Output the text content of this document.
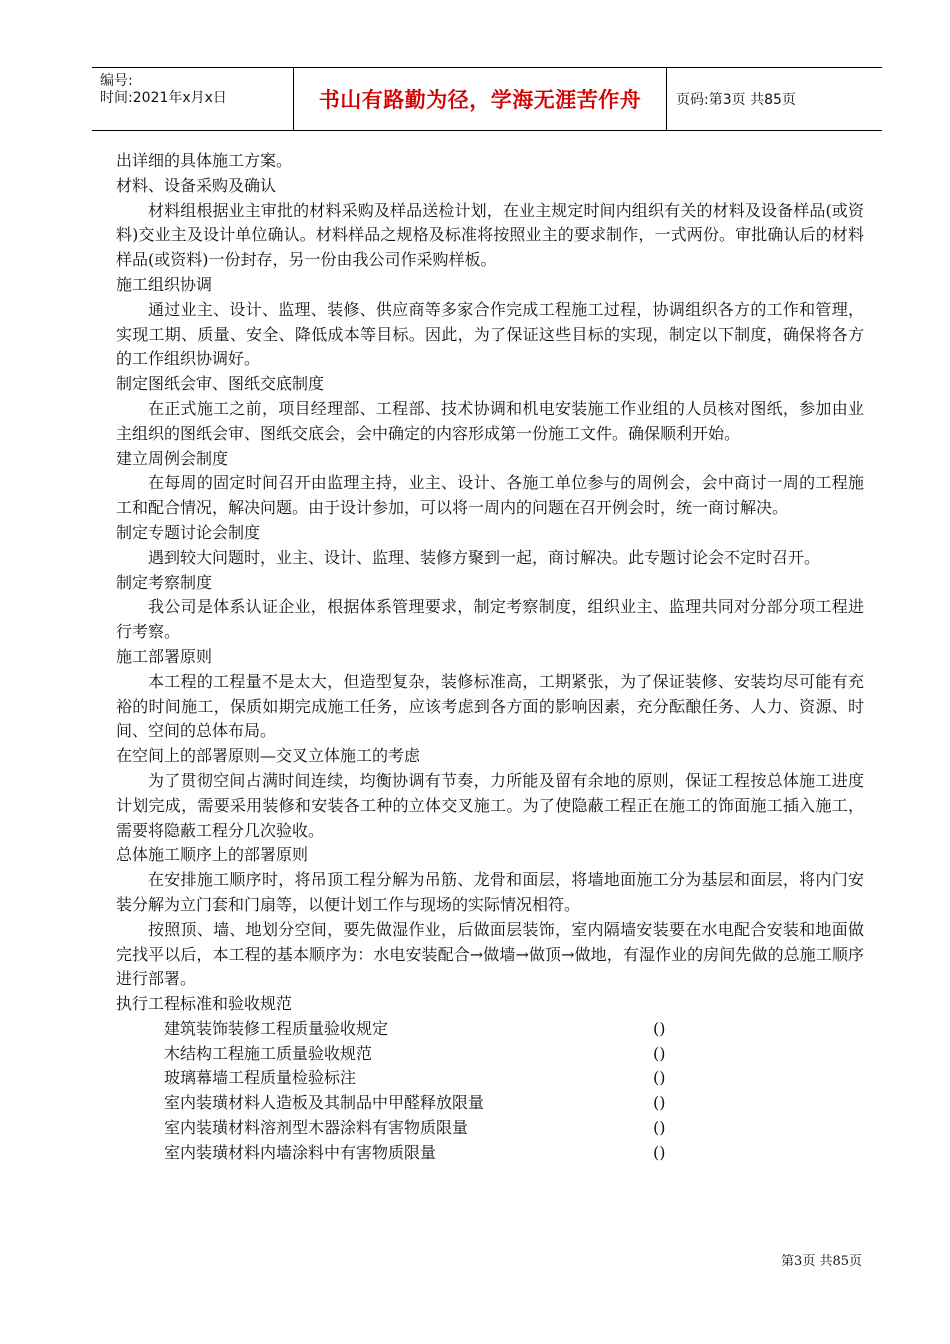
编号:
时间:2021年x月x日	书山有路勤为径，学海无涯苦作舟 页码:第3页 共85页

出详细的具体施工方案。

材料、设备采购及确认

材料组根据业主审批的材料采购及样品送检计划，在业主规定时间内组织有关的材料及设备样品(或资料)交业主及设计单位确认。材料样品之规格及标准将按照业主的要求制作，一式两份。审批确认后的材料样品(或资料)一份封存，另一份由我公司作采购样板。

施工组织协调

通过业主、设计、监理、装修、供应商等多家合作完成工程施工过程，协调组织各方的工作和管理，实现工期、质量、安全、降低成本等目标。因此，为了保证这些目标的实现，制定以下制度，确保将各方的工作组织协调好。

制定图纸会审、图纸交底制度

在正式施工之前，项目经理部、工程部、技术协调和机电安装施工作业组的人员核对图纸，参加由业主组织的图纸会审、图纸交底会，会中确定的内容形成第一份施工文件。确保顺利开始。

建立周例会制度

在每周的固定时间召开由监理主持，业主、设计、各施工单位参与的周例会，会中商讨一周的工程施工和配合情况，解决问题。由于设计参加，可以将一周内的问题在召开例会时，统一商讨解决。

制定专题讨论会制度

遇到较大问题时，业主、设计、监理、装修方聚到一起，商讨解决。此专题讨论会不定时召开。

制定考察制度

我公司是体系认证企业，根据体系管理要求，制定考察制度，组织业主、监理共同对分部分项工程进行考察。

施工部署原则

本工程的工程量不是太大，但造型复杂，装修标准高，工期紧张，为了保证装修、安装均尽可能有充裕的时间施工，保质如期完成施工任务，应该考虑到各方面的影响因素，充分酝酿任务、人力、资源、时间、空间的总体布局。

在空间上的部署原则—交叉立体施工的考虑

为了贯彻空间占满时间连续，均衡协调有节奏，力所能及留有余地的原则，保证工程按总体施工进度计划完成，需要采用装修和安装各工种的立体交叉施工。为了使隐蔽工程正在施工的饰面施工插入施工，需要将隐蔽工程分几次验收。

总体施工顺序上的部署原则

在安排施工顺序时，将吊顶工程分解为吊筋、龙骨和面层，将墙地面施工分为基层和面层，将内门安装分解为立门套和门扇等，以便计划工作与现场的实际情况相符。

按照顶、墙、地划分空间，要先做湿作业，后做面层装饰，室内隔墙安装要在水电配合安装和地面做完找平以后，本工程的基本顺序为：水电安装配合→做墙→做顶→做地，有湿作业的房间先做的总施工顺序进行部署。

执行工程标准和验收规范

建筑装饰装修工程质量验收规定	()
木结构工程施工质量验收规范	()
玻璃幕墙工程质量检验标注	()
室内装璜材料人造板及其制品中甲醛释放限量	()
室内装璜材料溶剂型木器涂料有害物质限量	()
室内装璜材料内墙涂料中有害物质限量	()
第3页 共85页
